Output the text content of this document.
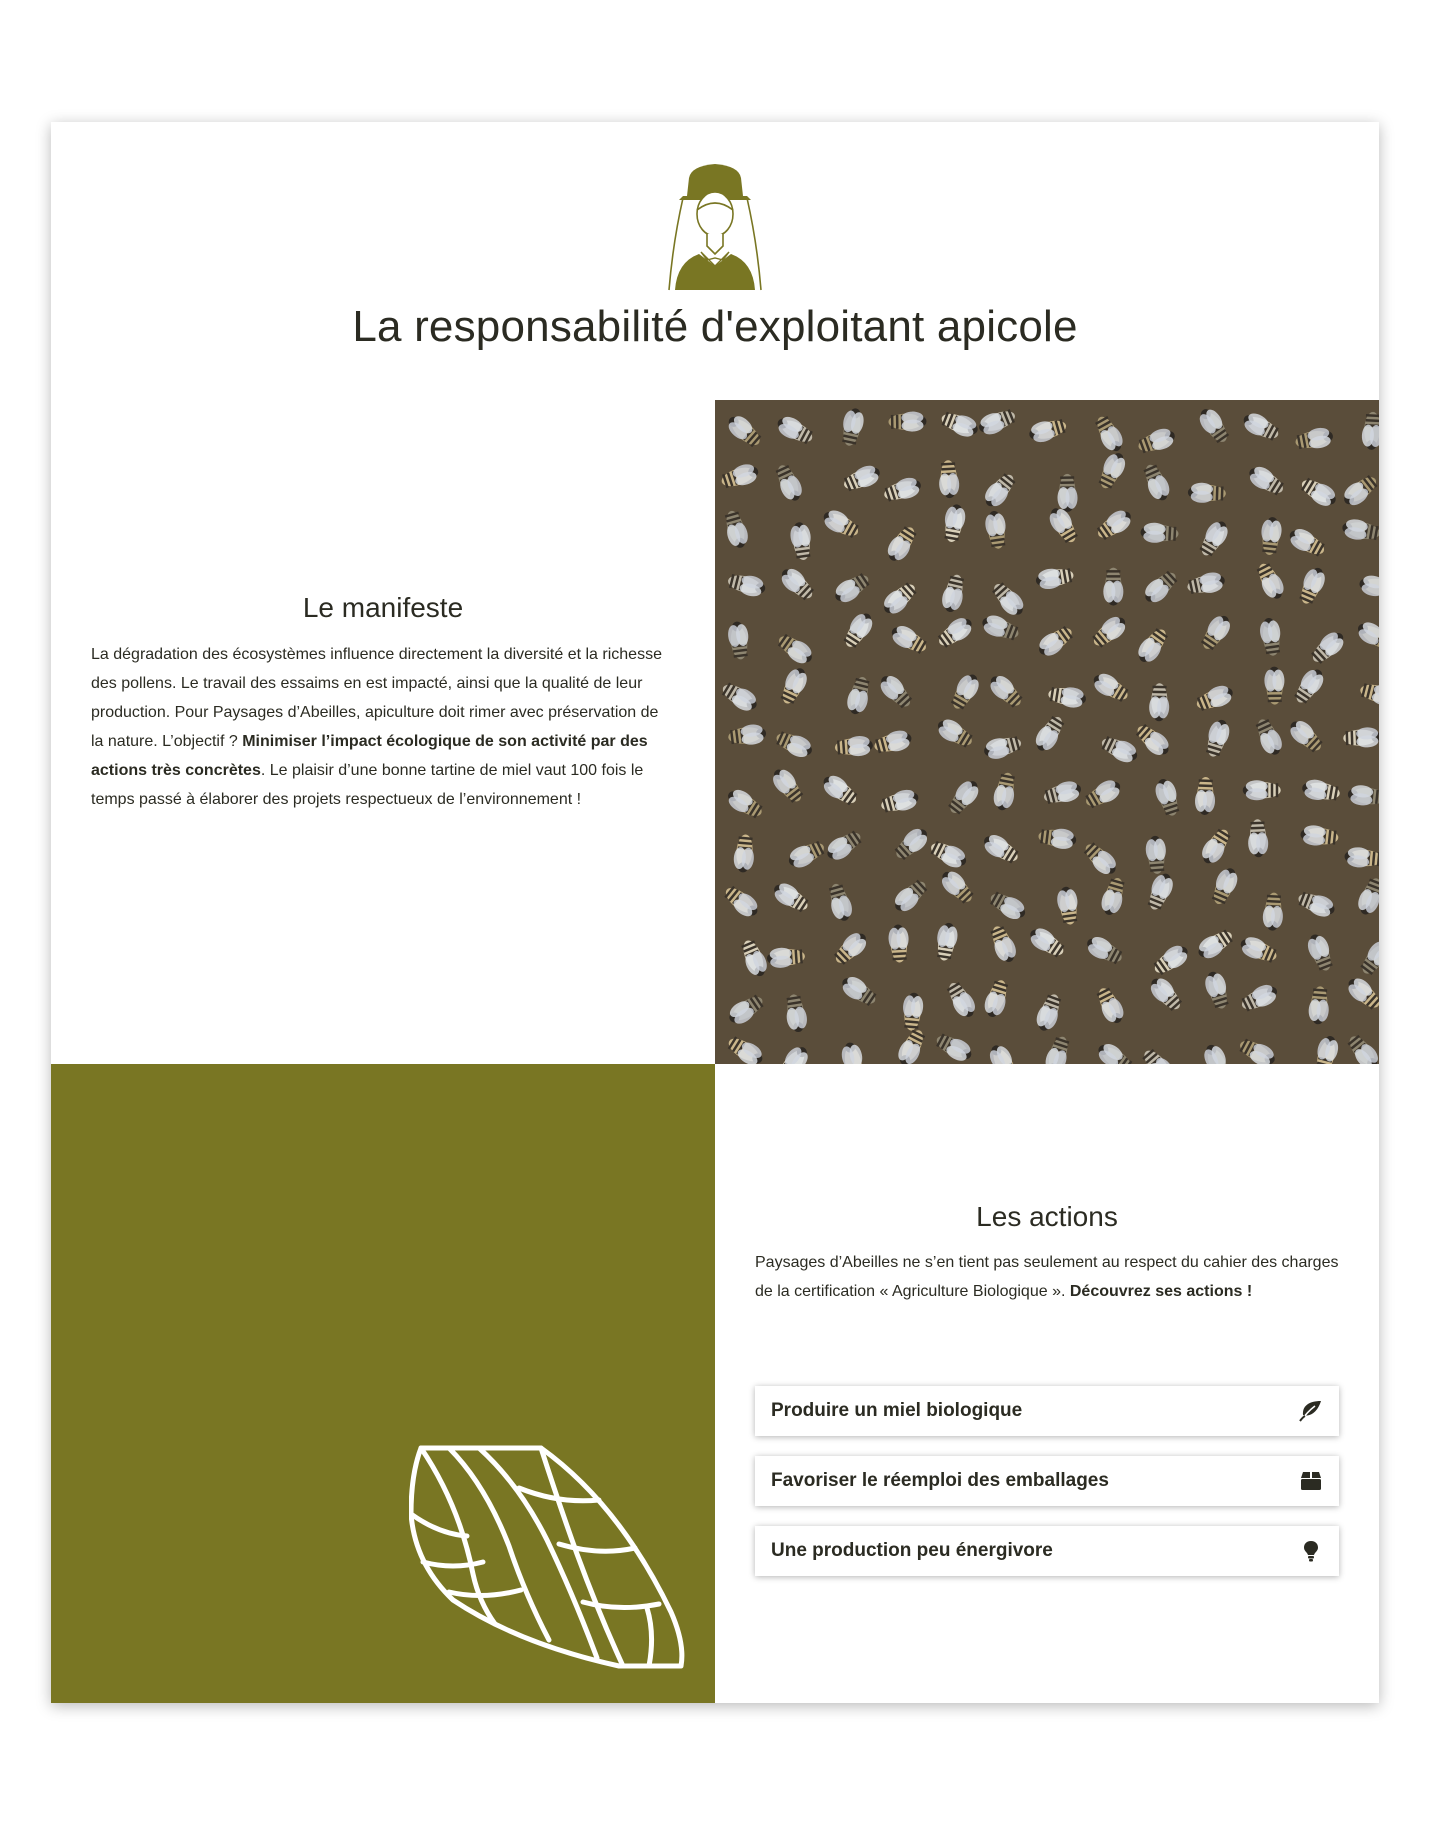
La responsabilité d'exploitant apicole
Le manifeste

La dégradation des écosystèmes influence directement la diversité et la richesse des pollens. Le travail des essaims en est impacté, ainsi que la qualité de leur production. Pour Paysages d’Abeilles, apiculture doit rimer avec préservation de la nature. L’objectif ? Minimiser l’impact écologique de son activité par des actions très concrètes. Le plaisir d’une bonne tartine de miel vaut 100 fois le temps passé à élaborer des projets respectueux de l’environnement !

Les actions

Paysages d’Abeilles ne s’en tient pas seulement au respect du cahier des charges de la certification « Agriculture Biologique ». Découvrez ses actions !

Produire un miel biologique
Favoriser le réemploi des emballages
Une production peu énergivore
